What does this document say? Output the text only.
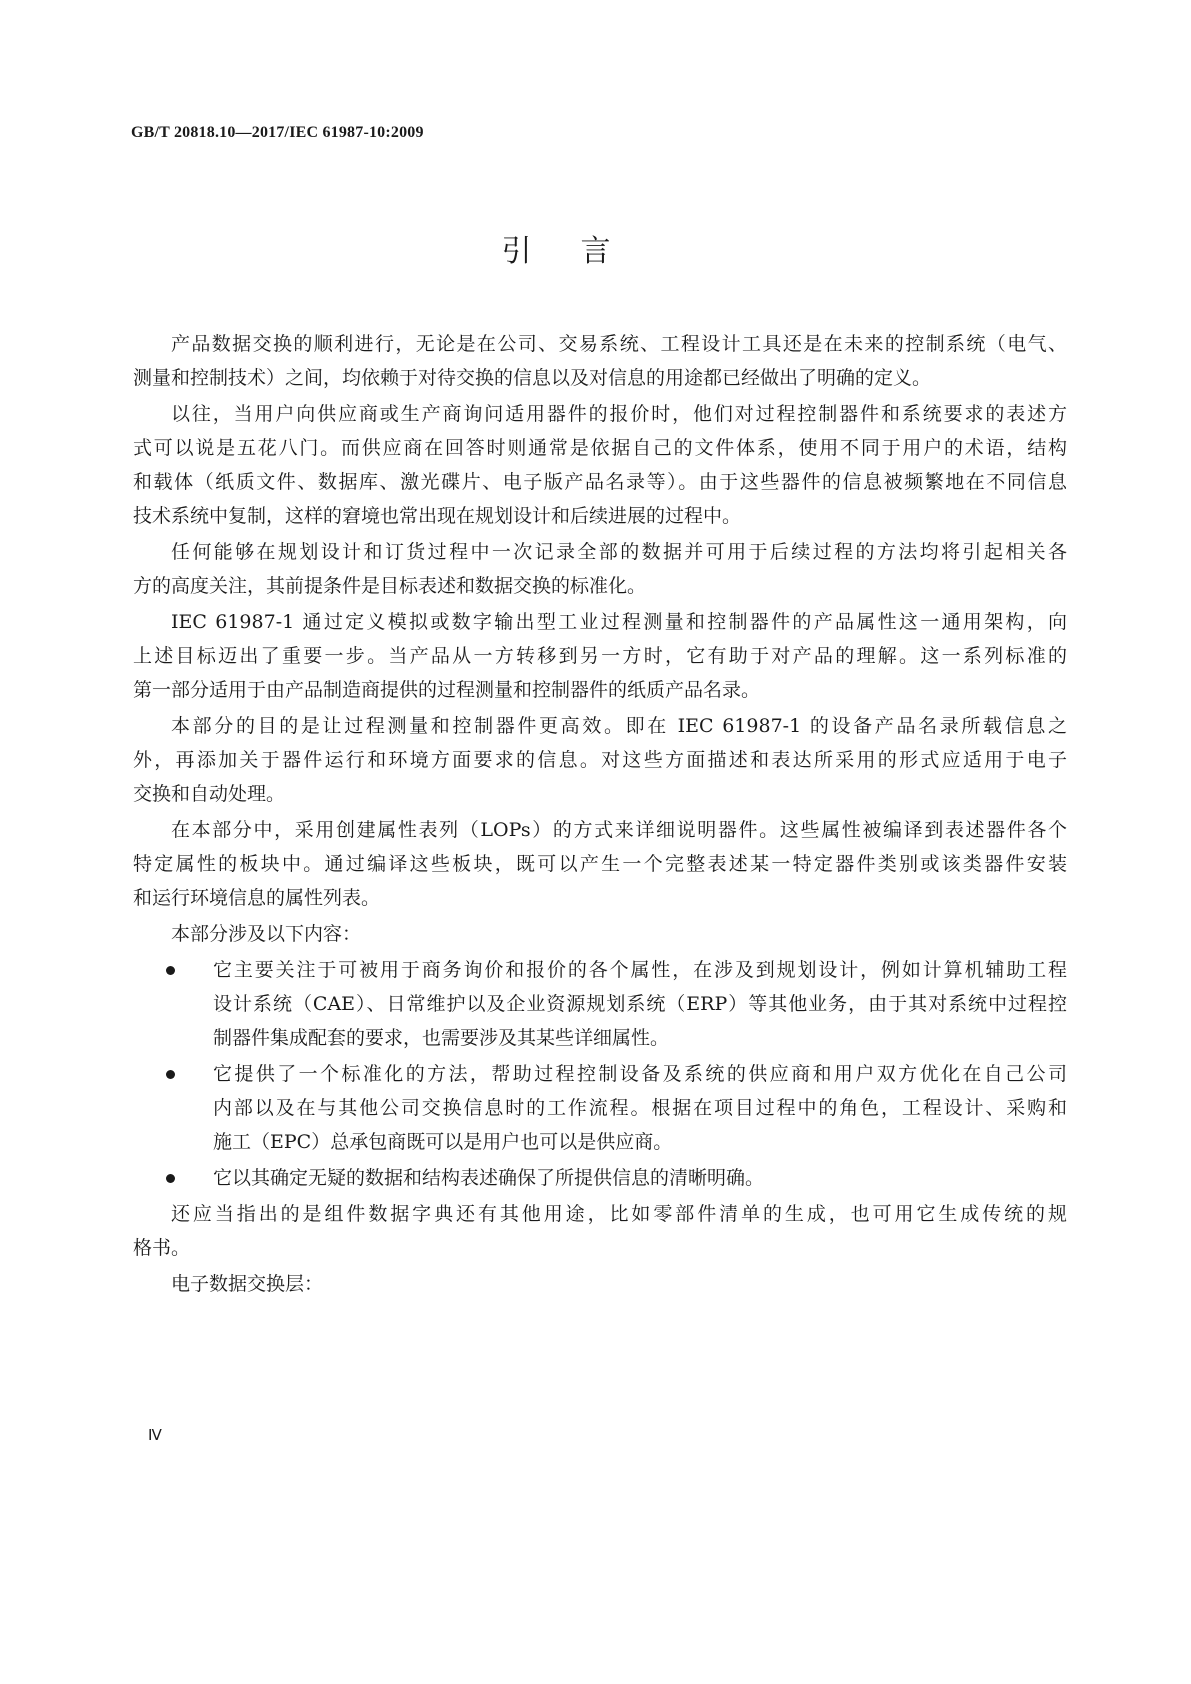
GB/T 20818.10—2017/IEC 61987-10:2009
引 言
产品数据交换的顺利进行，无论是在公司、交易系统、工程设计工具还是在未来的控制系统（电气、
测量和控制技术）之间，均依赖于对待交换的信息以及对信息的用途都已经做出了明确的定义。
以往，当用户向供应商或生产商询问适用器件的报价时，他们对过程控制器件和系统要求的表述方
式可以说是五花八门。而供应商在回答时则通常是依据自己的文件体系，使用不同于用户的术语，结构
和载体（纸质文件、数据库、激光碟片、电子版产品名录等）。由于这些器件的信息被频繁地在不同信息
技术系统中复制，这样的窘境也常出现在规划设计和后续进展的过程中。
任何能够在规划设计和订货过程中一次记录全部的数据并可用于后续过程的方法均将引起相关各
方的高度关注，其前提条件是目标表述和数据交换的标准化。
IEC 61987-1 通过定义模拟或数字输出型工业过程测量和控制器件的产品属性这一通用架构，向
上述目标迈出了重要一步。当产品从一方转移到另一方时，它有助于对产品的理解。这一系列标准的
第一部分适用于由产品制造商提供的过程测量和控制器件的纸质产品名录。
本部分的目的是让过程测量和控制器件更高效。即在 IEC 61987-1 的设备产品名录所载信息之
外，再添加关于器件运行和环境方面要求的信息。对这些方面描述和表达所采用的形式应适用于电子
交换和自动处理。
在本部分中，采用创建属性表列（LOPs）的方式来详细说明器件。这些属性被编译到表述器件各个
特定属性的板块中。通过编译这些板块，既可以产生一个完整表述某一特定器件类别或该类器件安装
和运行环境信息的属性列表。
本部分涉及以下内容：
它主要关注于可被用于商务询价和报价的各个属性，在涉及到规划设计，例如计算机辅助工程
设计系统（CAE）、日常维护以及企业资源规划系统（ERP）等其他业务，由于其对系统中过程控
制器件集成配套的要求，也需要涉及其某些详细属性。
它提供了一个标准化的方法，帮助过程控制设备及系统的供应商和用户双方优化在自己公司
内部以及在与其他公司交换信息时的工作流程。根据在项目过程中的角色，工程设计、采购和
施工（EPC）总承包商既可以是用户也可以是供应商。
它以其确定无疑的数据和结构表述确保了所提供信息的清晰明确。
还应当指出的是组件数据字典还有其他用途，比如零部件清单的生成，也可用它生成传统的规
格书。
电子数据交换层：
Ⅳ
